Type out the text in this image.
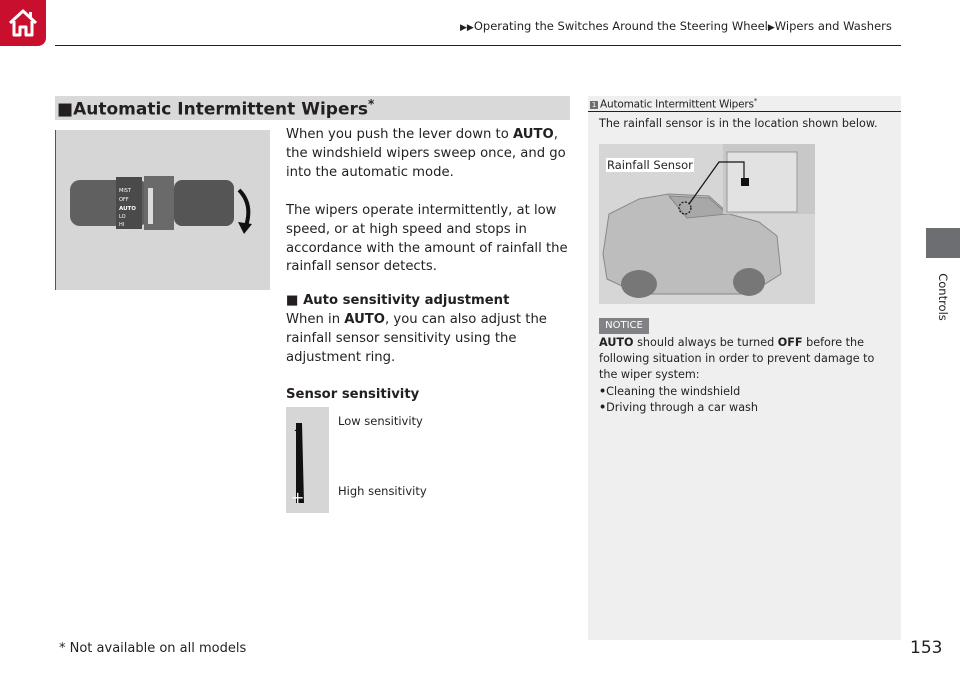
▶▶Operating the Switches Around the Steering Wheel▶Wipers and Washers
Controls
■Automatic Intermittent Wipers*
MIST
OFF
AUTO
LO
HI
When you push the lever down to AUTO, the windshield wipers sweep once, and go into the automatic mode.
The wipers operate intermittently, at low speed, or at high speed and stops in accordance with the amount of rainfall the rainfall sensor detects.
■ Auto sensitivity adjustment
When in AUTO, you can also adjust the rainfall sensor sensitivity using the adjustment ring.
Sensor sensitivity
–
+
Low sensitivity
High sensitivity
1 Automatic Intermittent Wipers*
The rainfall sensor is in the location shown below.
Rainfall Sensor
NOTICE
AUTO should always be turned OFF before the following situation in order to prevent damage to the wiper system:
•Cleaning the windshield
•Driving through a car wash
* Not available on all models	153
